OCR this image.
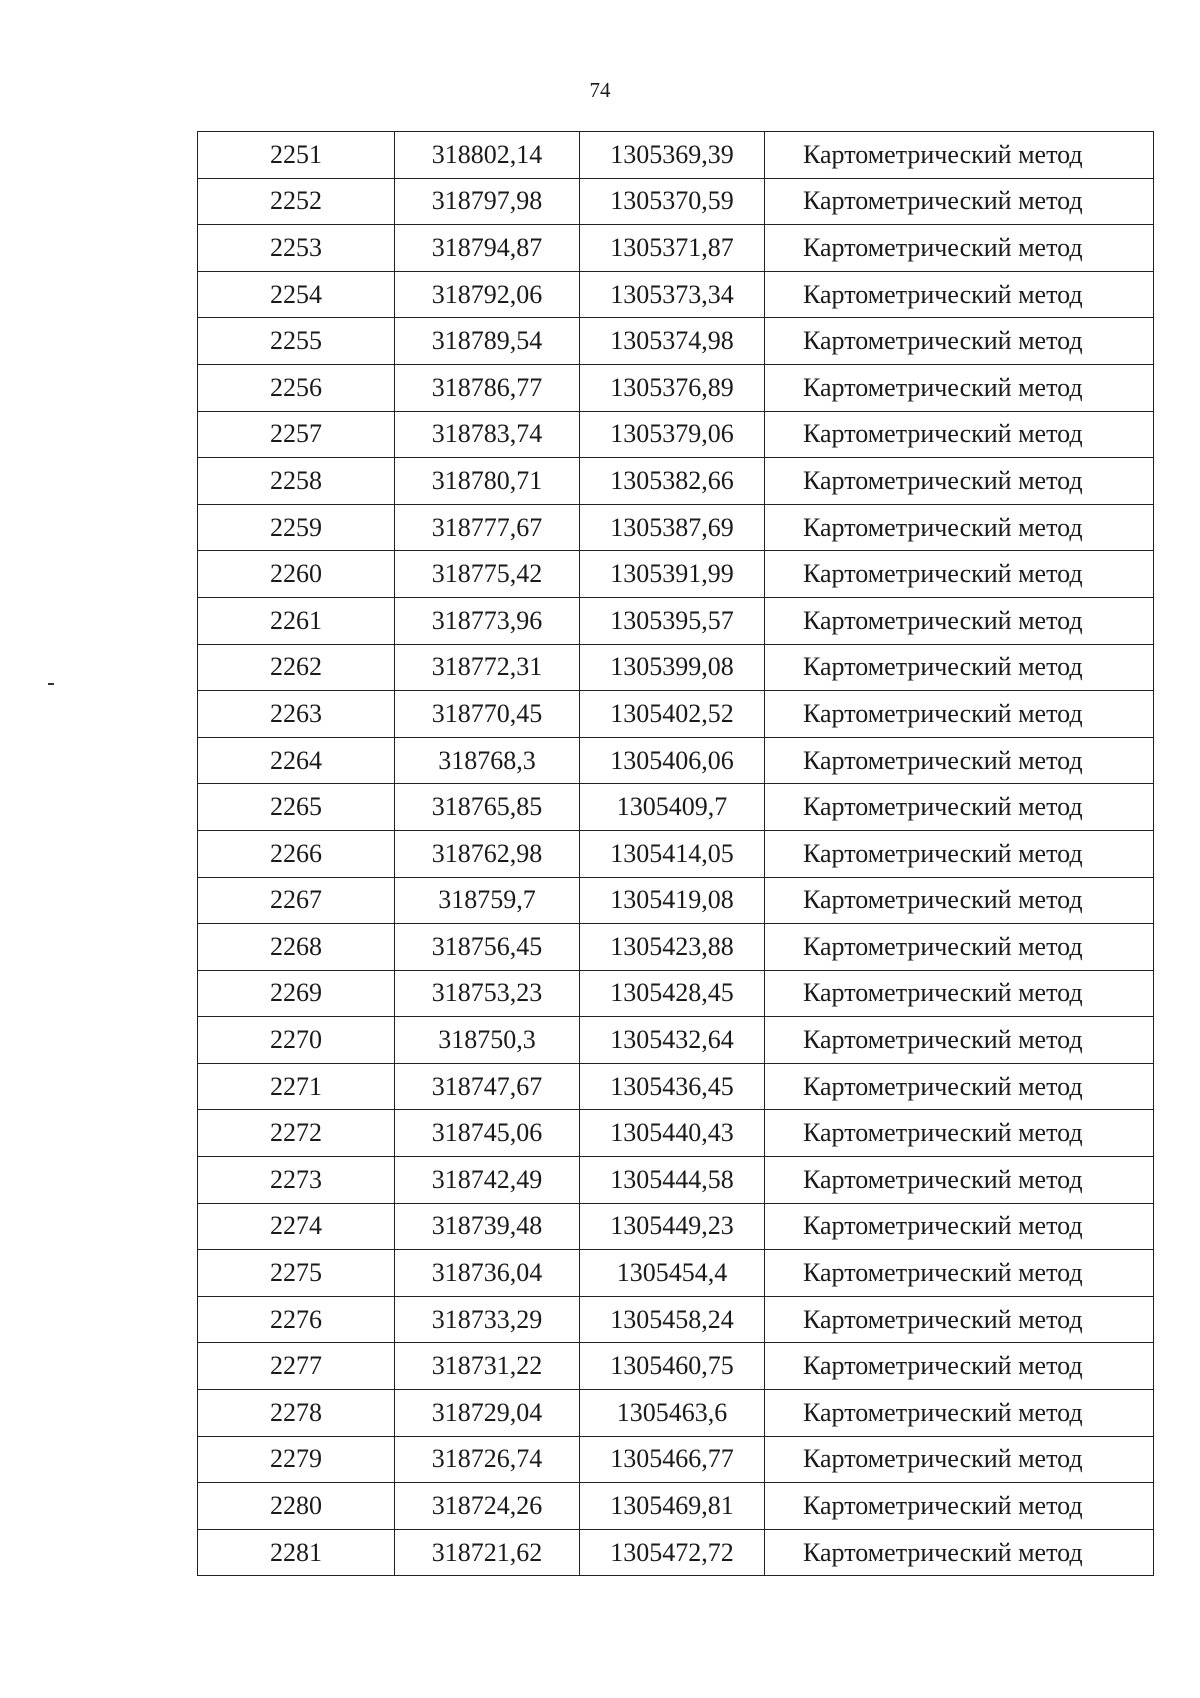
74
2251	318802,14	1305369,39	Картометрический метод
2252	318797,98	1305370,59	Картометрический метод
2253	318794,87	1305371,87	Картометрический метод
2254	318792,06	1305373,34	Картометрический метод
2255	318789,54	1305374,98	Картометрический метод
2256	318786,77	1305376,89	Картометрический метод
2257	318783,74	1305379,06	Картометрический метод
2258	318780,71	1305382,66	Картометрический метод
2259	318777,67	1305387,69	Картометрический метод
2260	318775,42	1305391,99	Картометрический метод
2261	318773,96	1305395,57	Картометрический метод
2262	318772,31	1305399,08	Картометрический метод
2263	318770,45	1305402,52	Картометрический метод
2264	318768,3	1305406,06	Картометрический метод
2265	318765,85	1305409,7	Картометрический метод
2266	318762,98	1305414,05	Картометрический метод
2267	318759,7	1305419,08	Картометрический метод
2268	318756,45	1305423,88	Картометрический метод
2269	318753,23	1305428,45	Картометрический метод
2270	318750,3	1305432,64	Картометрический метод
2271	318747,67	1305436,45	Картометрический метод
2272	318745,06	1305440,43	Картометрический метод
2273	318742,49	1305444,58	Картометрический метод
2274	318739,48	1305449,23	Картометрический метод
2275	318736,04	1305454,4	Картометрический метод
2276	318733,29	1305458,24	Картометрический метод
2277	318731,22	1305460,75	Картометрический метод
2278	318729,04	1305463,6	Картометрический метод
2279	318726,74	1305466,77	Картометрический метод
2280	318724,26	1305469,81	Картометрический метод
2281	318721,62	1305472,72	Картометрический метод
